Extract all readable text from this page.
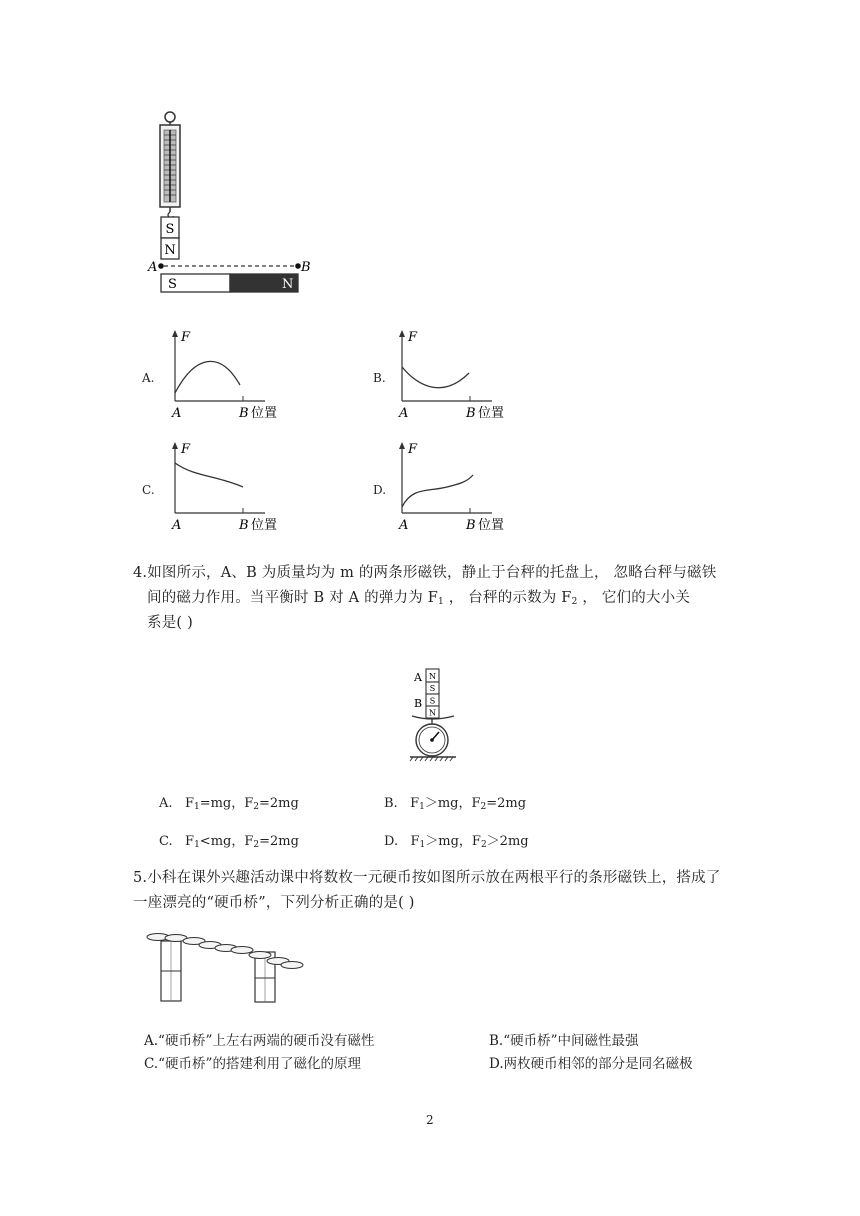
S
N
A	B
S	N
A.	B.
C.	D.
F
A	B 位置
F
A	B 位置
F
A	B 位置
F
A	B 位置
4.如图所示，A、B 为质量均为 m 的两条形磁铁，静止于台秤的托盘上， 忽略台秤与磁铁
间的磁力作用。当平衡时 B 对 A 的弹力为 F1 ， 台秤的示数为 F2 ， 它们的大小关
系是( )
A
B
N
S
S
N
A. F1=mg，F2=2mg	B. F1＞mg，F2=2mg
C. F1<mg，F2=2mg	D. F1＞mg，F2＞2mg
5.小科在课外兴趣活动课中将数枚一元硬币按如图所示放在两根平行的条形磁铁上，搭成了
一座漂亮的“硬币桥”，下列分析正确的是( )
A.“硬币桥”上左右两端的硬币没有磁性	B.“硬币桥”中间磁性最强
C.“硬币桥”的搭建利用了磁化的原理	D.两枚硬币相邻的部分是同名磁极
2
